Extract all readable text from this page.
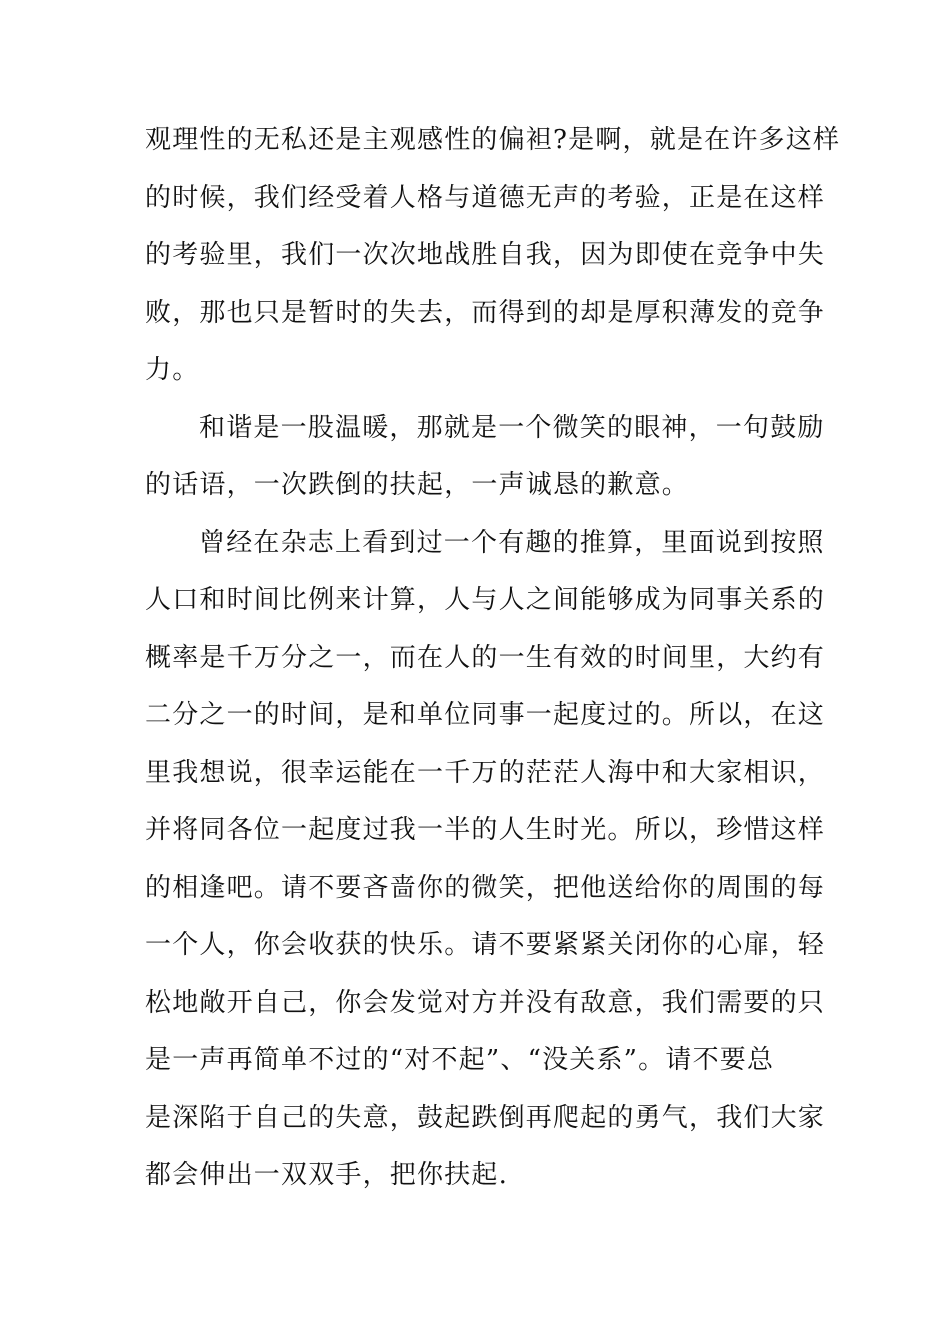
观理性的无私还是主观感性的偏袒?是啊，就是在许多这样
的时候，我们经受着人格与道德无声的考验，正是在这样
的考验里，我们一次次地战胜自我，因为即使在竞争中失
败，那也只是暂时的失去，而得到的却是厚积薄发的竞争
力。
和谐是一股温暖，那就是一个微笑的眼神，一句鼓励
的话语，一次跌倒的扶起，一声诚恳的歉意。
曾经在杂志上看到过一个有趣的推算，里面说到按照
人口和时间比例来计算，人与人之间能够成为同事关系的
概率是千万分之一，而在人的一生有效的时间里，大约有
二分之一的时间，是和单位同事一起度过的。所以，在这
里我想说，很幸运能在一千万的茫茫人海中和大家相识，
并将同各位一起度过我一半的人生时光。所以，珍惜这样
的相逢吧。请不要吝啬你的微笑，把他送给你的周围的每
一个人，你会收获的快乐。请不要紧紧关闭你的心扉，轻
松地敞开自己，你会发觉对方并没有敌意，我们需要的只
是一声再简单不过的“对不起”、“没关系”。请不要总
是深陷于自己的失意，鼓起跌倒再爬起的勇气，我们大家
都会伸出一双双手，把你扶起.
